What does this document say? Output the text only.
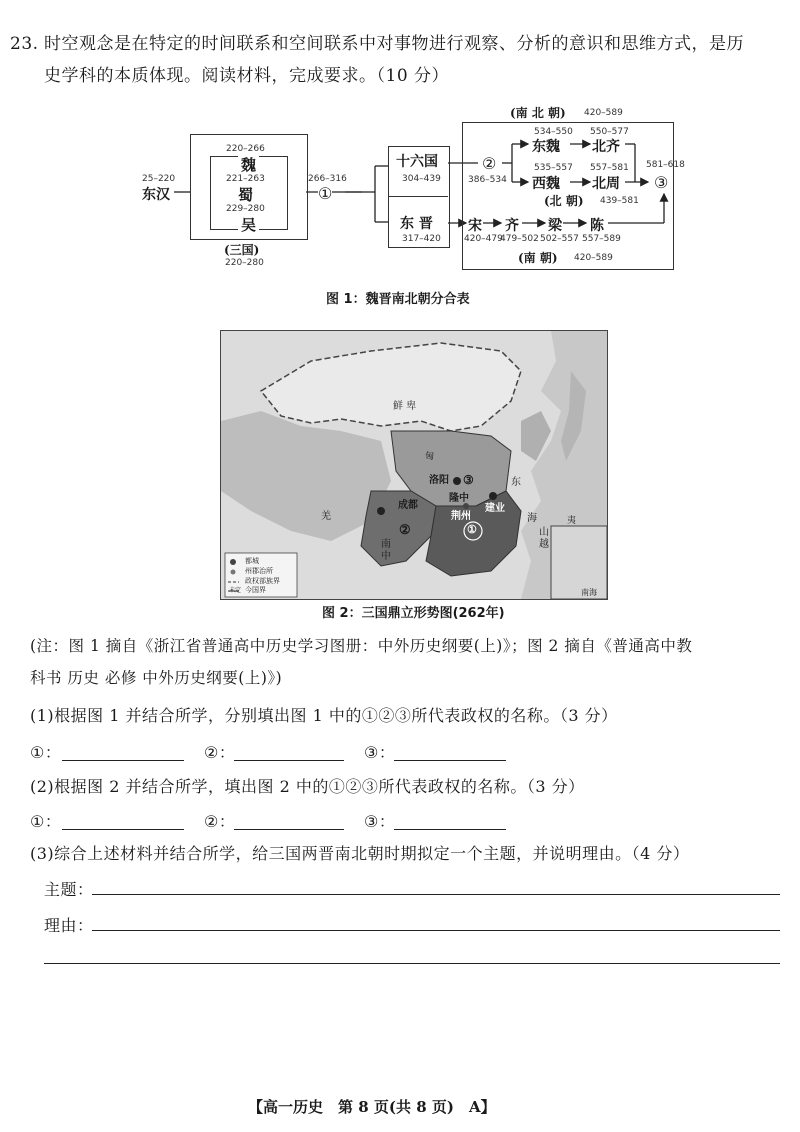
23. 时空观念是在特定的时间联系和空间联系中对事物进行观察、分析的意识和思维方式，是历
史学科的本质体现。阅读材料，完成要求。（10 分）
25–220
东汉
220–266
魏
221–263
蜀
229–280
吴
(三国)
220–280
266–316
①
十六国
304–439
东 晋
317–420
(南 北 朝) 420–589
②
386–534
534–550
东魏
550–577
北齐
535–557
西魏
557–581
北周
(北 朝) 439–581
581–618
③
宋
420–479
齐
479–502
梁
502–557
陈
557–589
(南 朝) 420–589
图 1：魏晋南北朝分合表
鲜 卑
羌
洛阳 ③
隆中
成都	建业
荆州
②	①
南 中
山越
东
海
匈
夷
南海
都城
州郡治所
政权部族界
未定 今国界
图 2：三国鼎立形势图(262年)
(注：图 1 摘自《浙江省普通高中历史学习图册：中外历史纲要(上)》；图 2 摘自《普通高中教
科书 历史 必修 中外历史纲要(上)》)
(1)根据图 1 并结合所学，分别填出图 1 中的①②③所代表政权的名称。（3 分）
①：	②：	③：
(2)根据图 2 并结合所学，填出图 2 中的①②③所代表政权的名称。（3 分）
①：	②：	③：
(3)综合上述材料并结合所学，给三国两晋南北朝时期拟定一个主题，并说明理由。（4 分）
主题：
理由：
【高一历史　第 8 页(共 8 页)　A】
